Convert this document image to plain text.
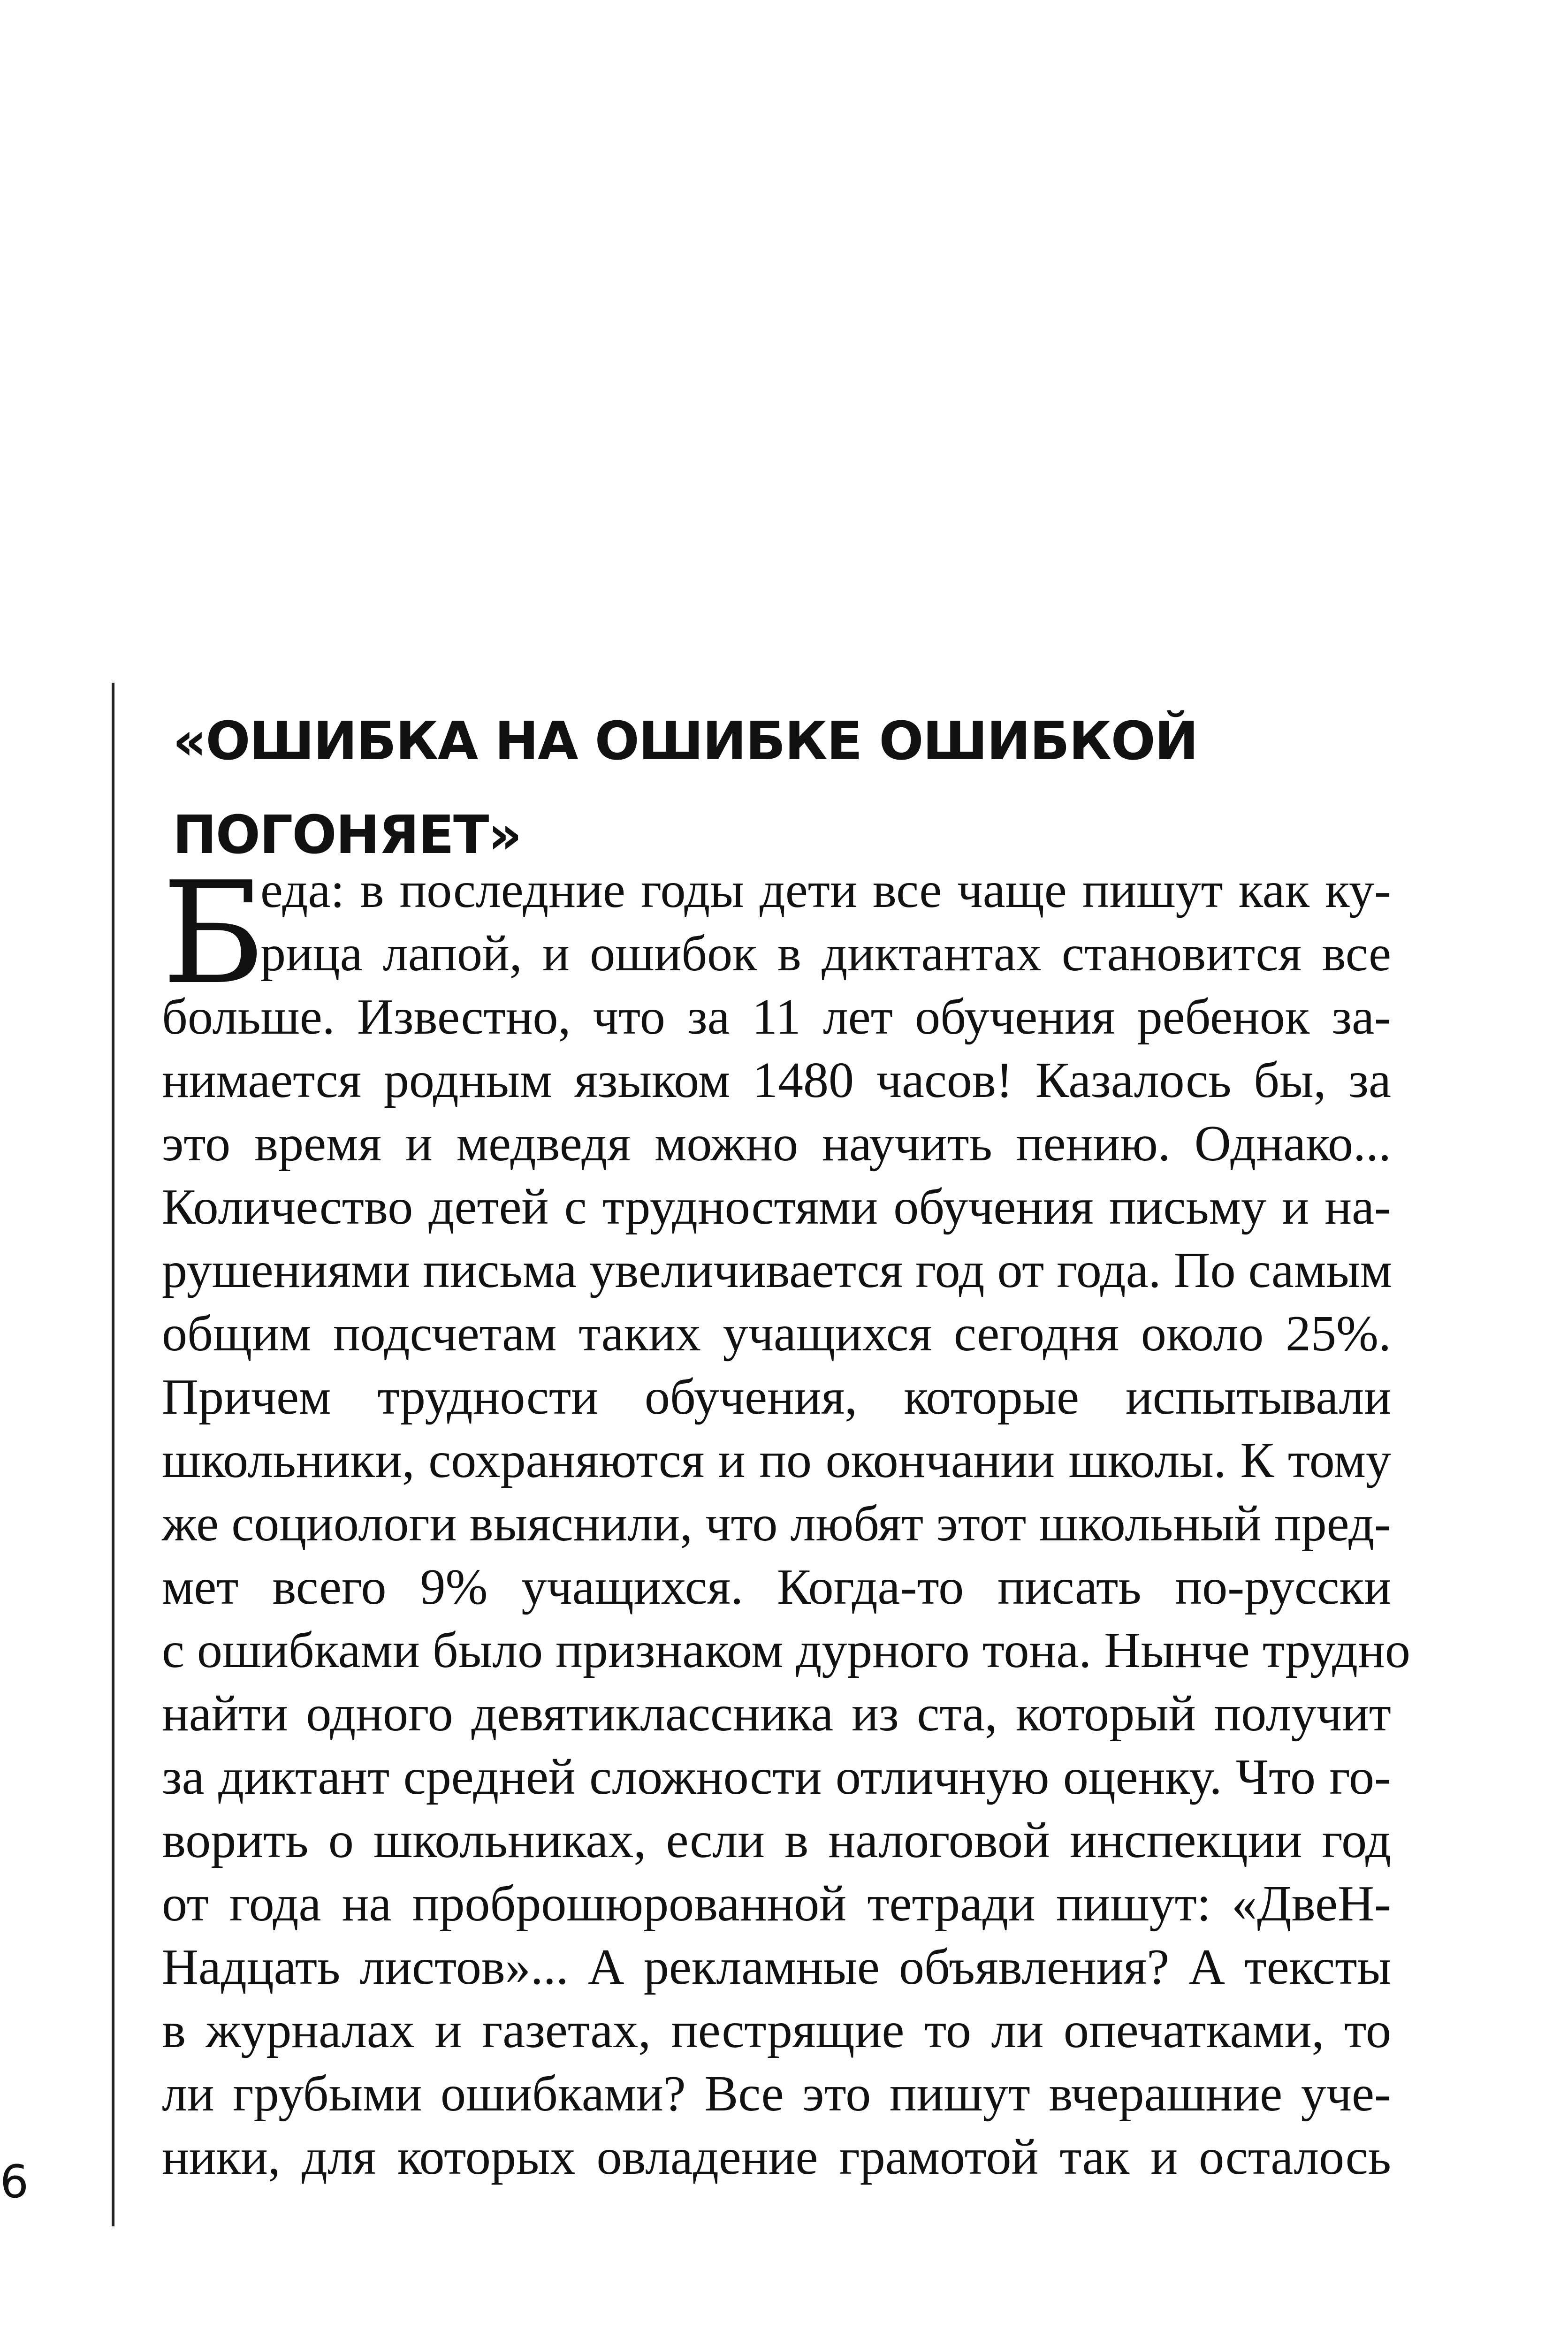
«ОШИБКА НА ОШИБКЕ ОШИБКОЙ
ПОГОНЯЕТ»
Б

еда: в последние годы дети все чаще пишут как ку-

рица лапой, и ошибок в диктантах становится все

больше. Известно, что за 11 лет обучения ребенок за-

нимается родным языком 1480 часов! Казалось бы, за

это время и медведя можно научить пению. Однако...

Количество детей с трудностями обучения письму и на-

рушениями письма увеличивается год от года. По самым

общим подсчетам таких учащихся сегодня около 25%.

Причем трудности обучения, которые испытывали

школьники, сохраняются и по окончании школы. К тому

же социологи выяснили, что любят этот школьный пред-

мет всего 9% учащихся. Когда-то писать по-русски

с ошибками было признаком дурного тона. Нынче трудно

найти одного девятиклассника из ста, который получит

за диктант средней сложности отличную оценку. Что го-

ворить о школьниках, если в налоговой инспекции год

от года на проброшюрованной тетради пишут: «ДвеН-

Надцать листов»... А рекламные объявления? А тексты

в журналах и газетах, пестрящие то ли опечатками, то

ли грубыми ошибками? Все это пишут вчерашние уче-

ники, для которых овладение грамотой так и осталось

6
